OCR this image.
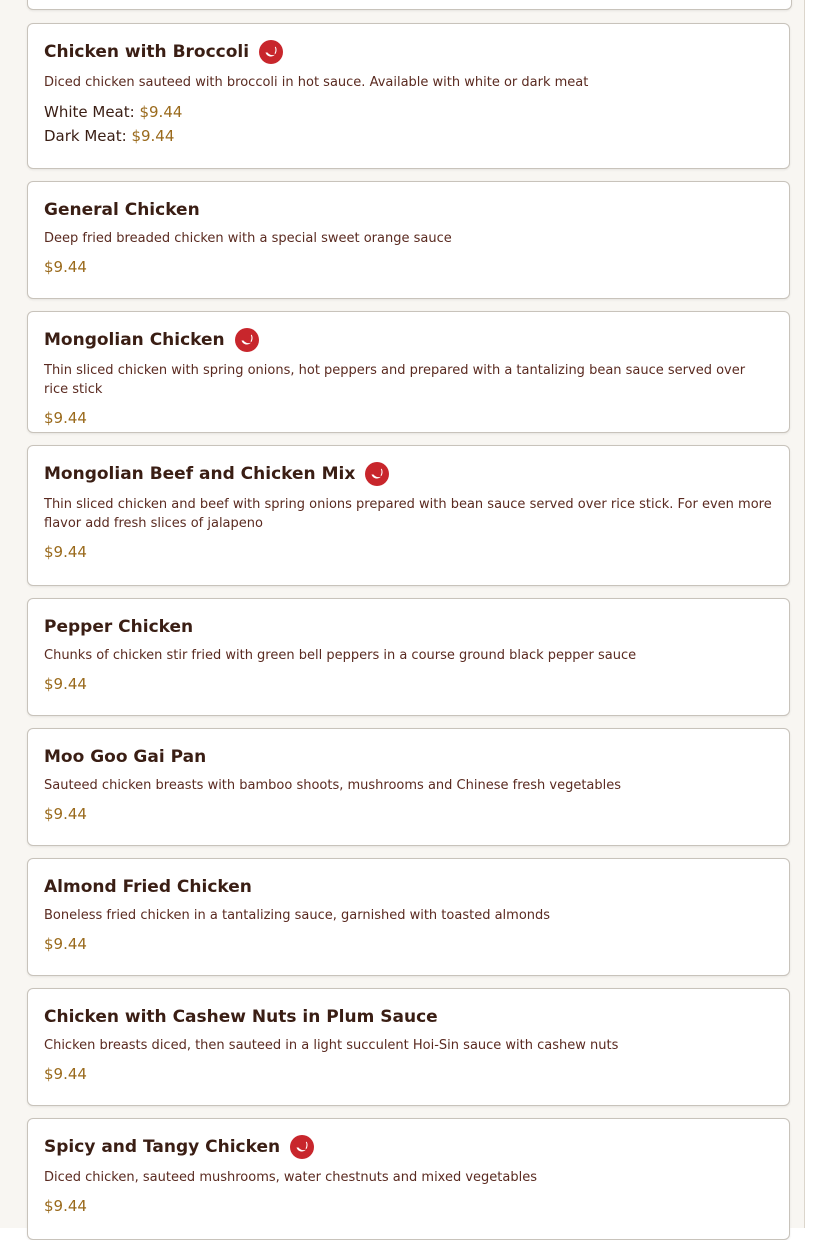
Chicken with Broccoli
Diced chicken sauteed with broccoli in hot sauce. Available with white or dark meat
White Meat: $9.44
Dark Meat: $9.44
General Chicken
Deep fried breaded chicken with a special sweet orange sauce
$9.44
Mongolian Chicken
Thin sliced chicken with spring onions, hot peppers and prepared with a tantalizing bean sauce served over rice stick
$9.44
Mongolian Beef and Chicken Mix
Thin sliced chicken and beef with spring onions prepared with bean sauce served over rice stick. For even more flavor add fresh slices of jalapeno
$9.44
Pepper Chicken
Chunks of chicken stir fried with green bell peppers in a course ground black pepper sauce
$9.44
Moo Goo Gai Pan
Sauteed chicken breasts with bamboo shoots, mushrooms and Chinese fresh vegetables
$9.44
Almond Fried Chicken
Boneless fried chicken in a tantalizing sauce, garnished with toasted almonds
$9.44
Chicken with Cashew Nuts in Plum Sauce
Chicken breasts diced, then sauteed in a light succulent Hoi-Sin sauce with cashew nuts
$9.44
Spicy and Tangy Chicken
Diced chicken, sauteed mushrooms, water chestnuts and mixed vegetables
$9.44
